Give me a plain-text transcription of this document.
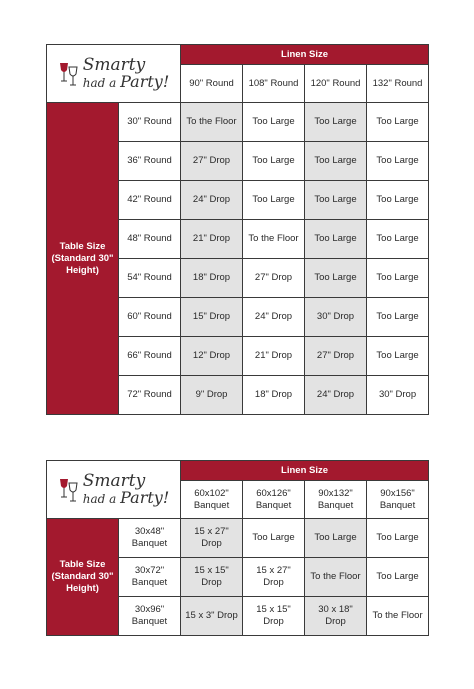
Smarty
had a Party!		Linen Size			
		90" Round	108" Round	120" Round	132" Round
Table Size (Standard 30" Height)	30" Round	To the Floor	Too Large	Too Large	Too Large
	36" Round	27" Drop	Too Large	Too Large	Too Large
	42" Round	24" Drop	Too Large	Too Large	Too Large
	48" Round	21" Drop	To the Floor	Too Large	Too Large
	54" Round	18" Drop	27" Drop	Too Large	Too Large
	60" Round	15" Drop	24" Drop	30" Drop	Too Large
	66" Round	12" Drop	21" Drop	27" Drop	Too Large
	72" Round	9" Drop	18" Drop	24" Drop	30" Drop
Smarty
had a Party!		Linen Size			
		60x102" Banquet	60x126" Banquet	90x132" Banquet	90x156" Banquet
Table Size (Standard 30" Height)	30x48" Banquet	15 x 27" Drop	Too Large	Too Large	Too Large
	30x72" Banquet	15 x 15" Drop	15 x 27" Drop	To the Floor	Too Large
	30x96" Banquet	15 x 3" Drop	15 x 15" Drop	30 x 18" Drop	To the Floor
